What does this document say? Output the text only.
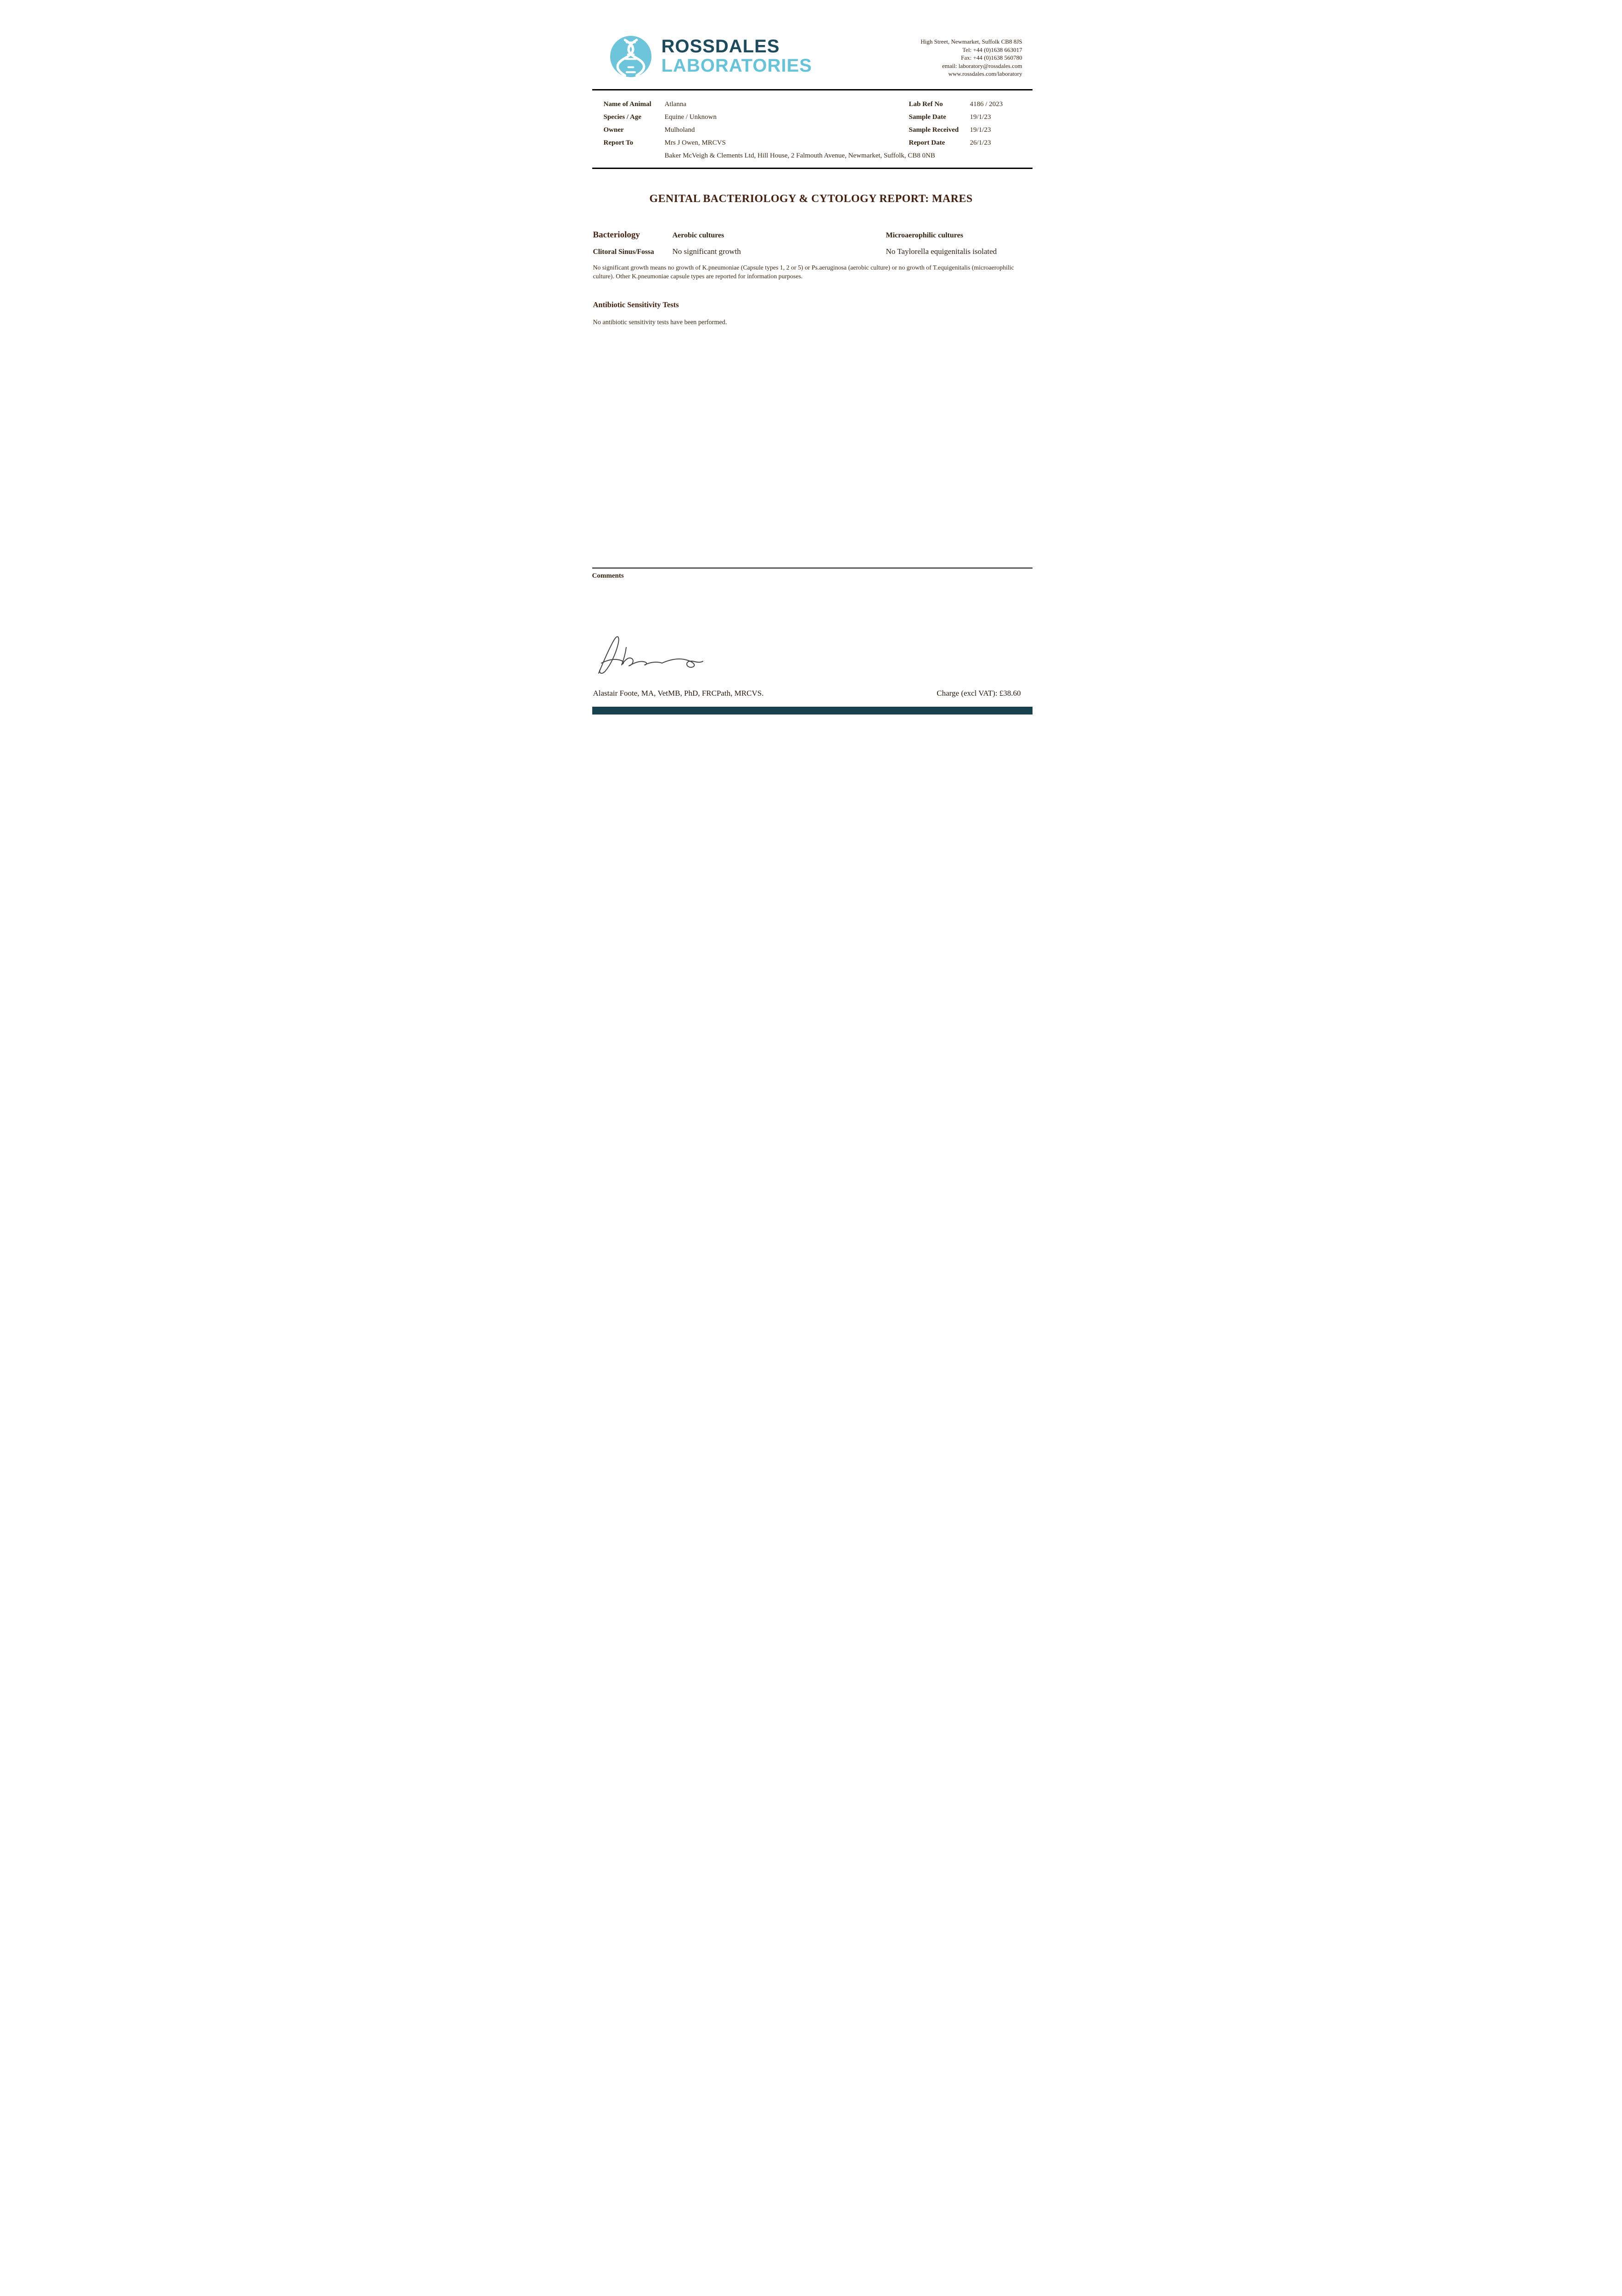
ROSSDALES
LABORATORIES
High Street, Newmarket, Suffolk CB8 8JS
Tel: +44 (0)1638 663017
Fax: +44 (0)1638 560780
email: laboratory@rossdales.com
www.rossdales.com/laboratory
Name of Animal	Atlanna	Lab Ref No	4186 / 2023
Species / Age	Equine / Unknown	Sample Date	19/1/23
Owner	Mulholand	Sample Received	19/1/23
Report To	Mrs J Owen, MRCVS	Report Date	26/1/23
Baker McVeigh & Clements Ltd, Hill House, 2 Falmouth Avenue, Newmarket, Suffolk, CB8 0NB
GENITAL BACTERIOLOGY & CYTOLOGY REPORT: MARES
Bacteriology	Aerobic cultures	Microaerophilic cultures
Clitoral Sinus/Fossa	No significant growth	No Taylorella equigenitalis isolated
No significant growth means no growth of K.pneumoniae (Capsule types 1, 2 or 5) or Ps.aeruginosa (aerobic culture) or no growth of T.equigenitalis (microaerophilic culture). Other K.pneumoniae capsule types are reported for information purposes.
Antibiotic Sensitivity Tests
No antibiotic sensitivity tests have been performed.
Comments
Alastair Foote, MA, VetMB, PhD, FRCPath, MRCVS.	Charge (excl VAT): £38.60
